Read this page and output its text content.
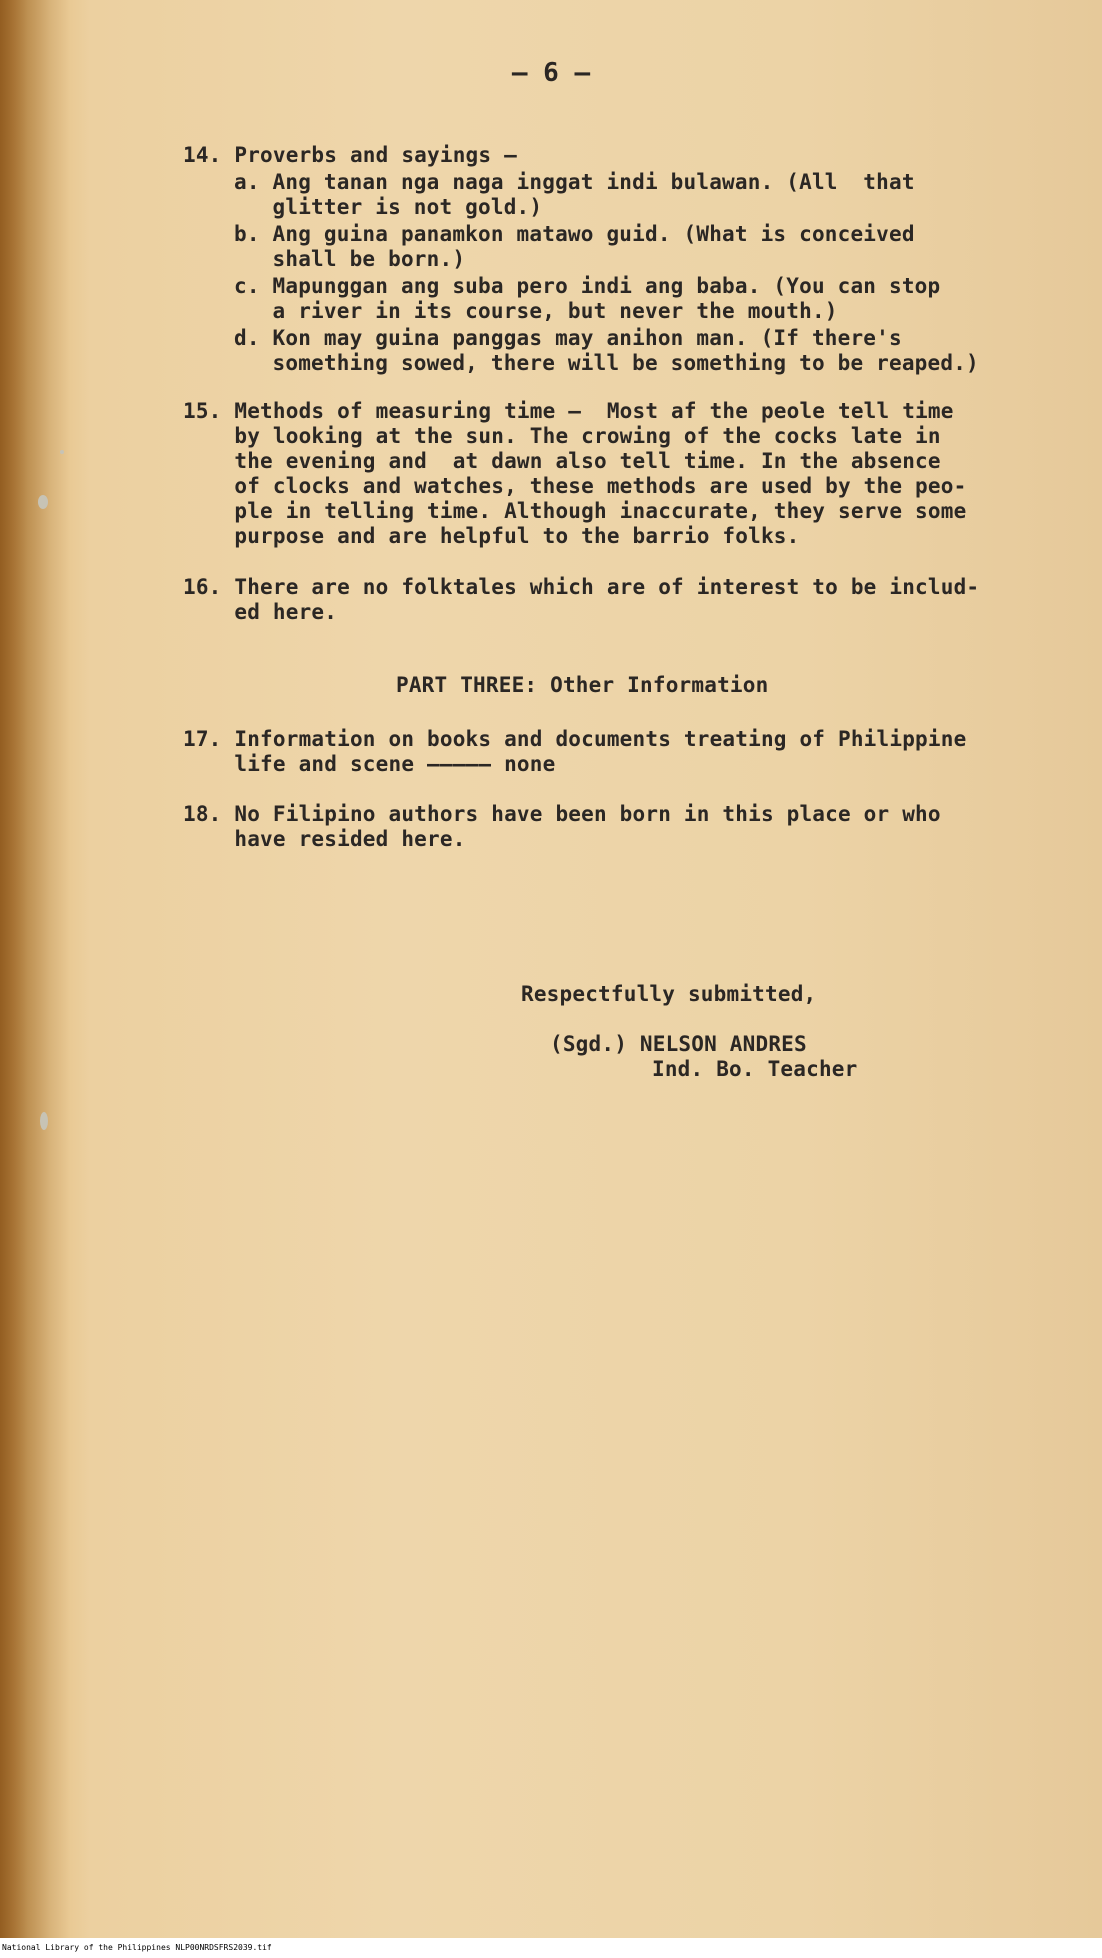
– 6 –
14. Proverbs and sayings –
a. Ang tanan nga naga inggat indi bulawan. (All  that
glitter is not gold.)
b. Ang guina panamkon matawo guid. (What is conceived
shall be born.)
c. Mapunggan ang suba pero indi ang baba. (You can stop
a river in its course, but never the mouth.)
d. Kon may guina panggas may anihon man. (If there's
something sowed, there will be something to be reaped.)
15. Methods of measuring time –  Most af the peole tell time
by looking at the sun. The crowing of the cocks late in
the evening and  at dawn also tell time. In the absence
of clocks and watches, these methods are used by the peo-
ple in telling time. Although inaccurate, they serve some
purpose and are helpful to the barrio folks.
16. There are no folktales which are of interest to be includ-
ed here.
PART THREE: Other Information
17. Information on books and documents treating of Philippine
life and scene ––––– none
18. No Filipino authors have been born in this place or who
have resided here.
Respectfully submitted,
(Sgd.) NELSON ANDRES
Ind. Bo. Teacher
National Library of the Philippines NLP00NRDSFRS2039.tif
